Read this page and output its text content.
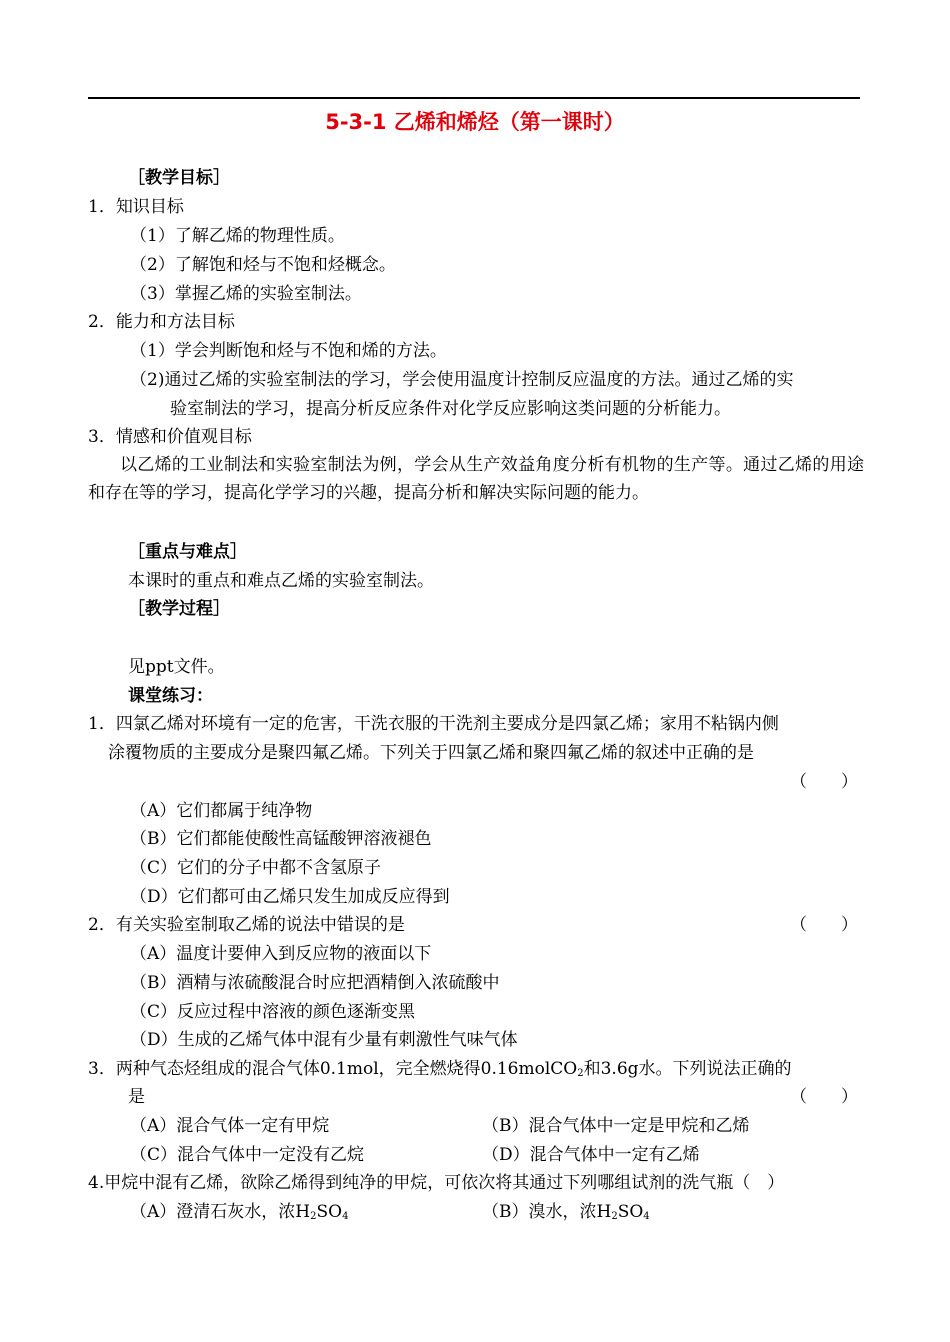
5-3-1 乙烯和烯烃（第一课时）
［教学目标］
1．知识目标
（1）了解乙烯的物理性质。
（2）了解饱和烃与不饱和烃概念。
（3）掌握乙烯的实验室制法。
2．能力和方法目标
（1）学会判断饱和烃与不饱和烯的方法。
（2)通过乙烯的实验室制法的学习，学会使用温度计控制反应温度的方法。通过乙烯的实
验室制法的学习，提高分析反应条件对化学反应影响这类问题的分析能力。
3．情感和价值观目标
以乙烯的工业制法和实验室制法为例，学会从生产效益角度分析有机物的生产等。通过乙烯的用途和存在等的学习，提高化学学习的兴趣，提高分析和解决实际问题的能力。
［重点与难点］
本课时的重点和难点乙烯的实验室制法。
［教学过程］
见ppt文件。
课堂练习：
1．四氯乙烯对环境有一定的危害，干洗衣服的干洗剂主要成分是四氯乙烯；家用不粘锅内侧
涂覆物质的主要成分是聚四氟乙烯。下列关于四氯乙烯和聚四氟乙烯的叙述中正确的是
（　　）
（A）它们都属于纯净物
（B）它们都能使酸性高锰酸钾溶液褪色
（C）它们的分子中都不含氢原子
（D）它们都可由乙烯只发生加成反应得到
2．有关实验室制取乙烯的说法中错误的是	（　　）
（A）温度计要伸入到反应物的液面以下
（B）酒精与浓硫酸混合时应把酒精倒入浓硫酸中
（C）反应过程中溶液的颜色逐渐变黑
（D）生成的乙烯气体中混有少量有刺激性气味气体
3．两种气态烃组成的混合气体0.1mol，完全燃烧得0.16molCO$_2$和3.6g水。下列说法正确的
是	（　　）
（A）混合气体一定有甲烷	（B）混合气体中一定是甲烷和乙烯
（C）混合气体中一定没有乙烷	（D）混合气体中一定有乙烯
4.甲烷中混有乙烯，欲除乙烯得到纯净的甲烷，可依次将其通过下列哪组试剂的洗气瓶（　）
（A）澄清石灰水，浓$H_2SO_4$	（B）溴水，浓$H_2SO_4$
